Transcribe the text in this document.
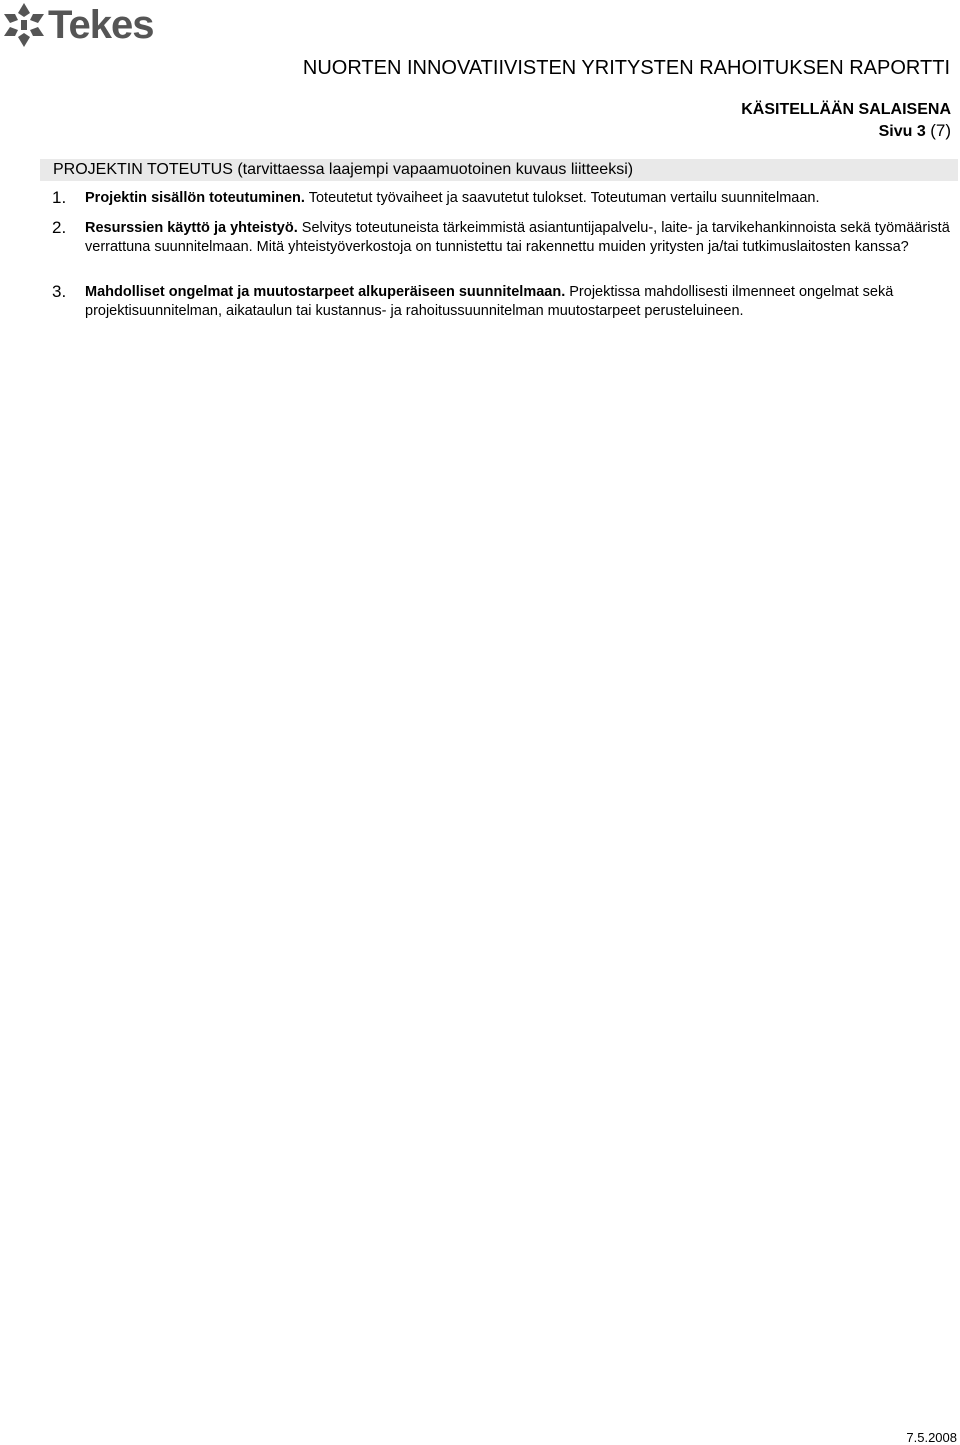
Tekes
NUORTEN INNOVATIIVISTEN YRITYSTEN RAHOITUKSEN RAPORTTI
KÄSITELLÄÄN SALAISENA
Sivu 3 (7)
PROJEKTIN TOTEUTUS (tarvittaessa laajempi vapaamuotoinen kuvaus liitteeksi)
1. Projektin sisällön toteutuminen. Toteutetut työvaiheet ja saavutetut tulokset. Toteutuman vertailu suunnitelmaan.
2. Resurssien käyttö ja yhteistyö. Selvitys toteutuneista tärkeimmistä asiantuntijapalvelu-, laite- ja tarvikehankinnoista sekä työmääristä verrattuna suunnitelmaan. Mitä yhteistyöverkostoja on tunnistettu tai rakennettu muiden yritysten ja/tai tutkimuslaitosten kanssa?
3. Mahdolliset ongelmat ja muutostarpeet alkuperäiseen suunnitelmaan. Projektissa mahdollisesti ilmenneet ongelmat sekä projektisuunnitelman, aikataulun tai kustannus- ja rahoitussuunnitelman muutostarpeet perusteluineen.
7.5.2008
